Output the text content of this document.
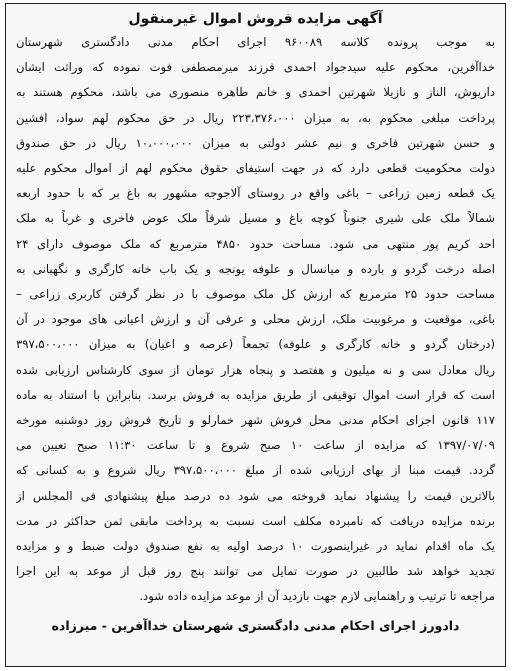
آگهی مزایده فروش اموال غیرمنقول
به موجب پرونده کلاسه ۹۶۰۰۸۹ اجرای احکام مدنی دادگستری شهرستان
خداآفرین، محکوم علیه سیدجواد احمدی فرزند میرمصطفی فوت نموده که وراثت ایشان
داریوش، الناز و نازیلا شهرتین احمدی و خانم طاهره منصوری می باشد، محکوم هستند به
پرداخت مبلغی محکوم به، به میزان ۲۲۳،۳۷۶،۰۰۰ ریال در حق محکوم لهم سواد، افشین
و حسن شهرتین فاخری و نیم عشر دولتی به میزان ۱۰،۰۰۰،۰۰۰ ریال در حق صندوق
دولت محکومیت قطعی دارد که در جهت استیفای حقوق محکوم لهم از اموال محکوم علیه
یک قطعه زمین زراعی – باغی واقع در روستای آلاجوجه مشهور به باغ بر که با حدود اربعه
شمالاً ملک علی شیری جنوباً کوچه باغ و مسیل شرقاً ملک عوض فاخری و غرباً به ملک
احد کریم پور منتهی می شود. مساحت حدود ۴۸۵۰ مترمربع که ملک موصوف دارای ۲۴
اصله درخت گردو و بارده و میانسال و علوفه یونجه و یک باب خانه کارگری و نگهبانی به
مساحت حدود ۲۵ مترمربع که ارزش کل ملک موصوف با در نظر گرفتن کاربری زراعی –
باغی، موقعیت و مرغوبیت ملک، ارزش محلی و عرفی آن و ارزش اعیانی های موجود در آن
(درختان گردو و خانه کارگری و علوفه) تجمعاً (عرصه و اعیان) به میزان ۳۹۷،۵۰۰،۰۰۰
ریال معادل سی و نه میلیون و هفتصد و پنجاه هزار تومان از سوی کارشناس ارزیابی شده
است که قرار است اموال توقیفی از طریق مزایده به فروش برسد. بنابراین با استناد به ماده
۱۱۷ قانون اجرای احکام مدنی محل فروش شهر خمارلو و تاریخ فروش روز دوشنبه مورخه
۱۳۹۷/۰۷/۰۹ که مزایده از ساعت ۱۰ صبح شروع و تا ساعت ۱۱:۳۰ صبح تعیین می
گردد. قیمت مبنا از بهای ارزیابی شده از مبلغ ۳۹۷،۵۰۰،۰۰۰ ریال شروع و به کسانی که
بالاترین قیمت را پیشنهاد نماید فروخته می شود ده درصد مبلغ پیشنهادی فی المجلس از
برنده مزایده دریافت که نامبرده مکلف است نسبت به پرداخت مابقی ثمن حداکثر در مدت
یک ماه اقدام نماید در غیراینصورت ۱۰ درصد اولیه به نفع صندوق دولت ضبط و و مزایده
تجدید خواهد شد طالبین در صورت تمایل می توانند پنج روز قبل از موعد به این اجرا
مراجعه تا ترتیب و راهنمایی لازم جهت بازدید آن از موعد مزایده داده شود.
دادورز اجرای احکام مدنی دادگستری شهرستان خداآفرین - میرزاده
